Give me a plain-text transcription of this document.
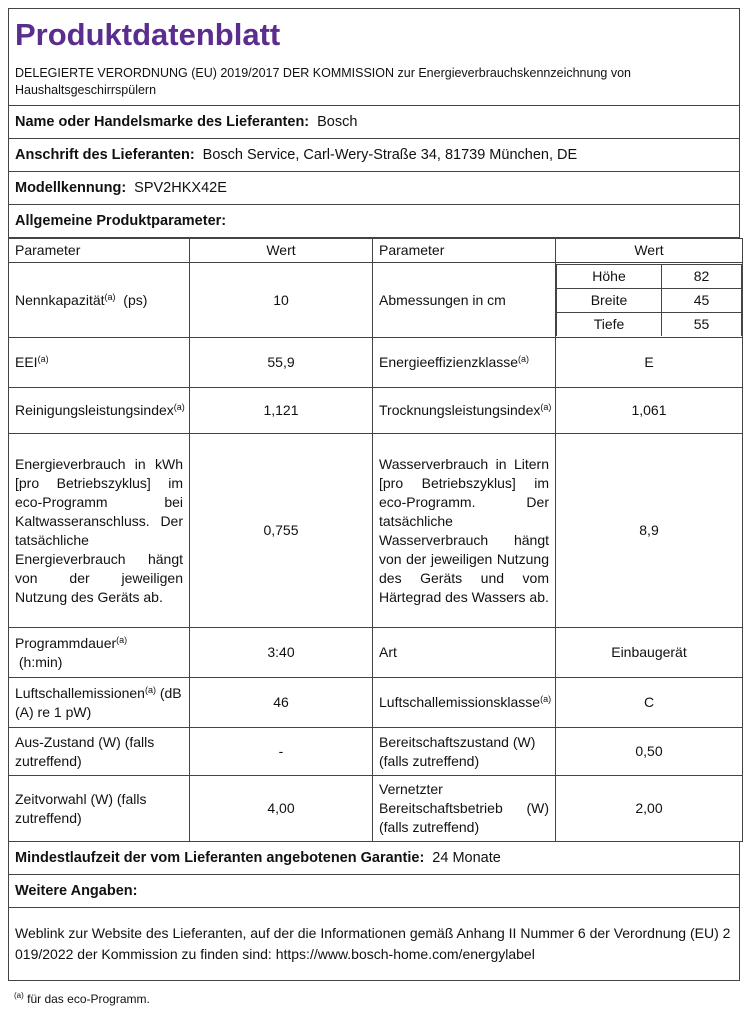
Produktdatenblatt
DELEGIERTE VERORDNUNG (EU) 2019/2017 DER KOMMISSION zur Energieverbrauchskennzeichnung von Haushaltsgeschirrspülern
Name oder Handelsmarke des Lieferanten: Bosch
Anschrift des Lieferanten: Bosch Service, Carl-Wery-Straße 34, 81739 München, DE
Modellkennung: SPV2HKX42E
Allgemeine Produktparameter:
Parameter	Wert	Parameter	Wert
Nennkapazität$^{(a)}$ (ps)	10	Abmessungen in cm	
Höhe	82
Breite	45
Tiefe	55

EEI$^{(a)}$	55,9	Energieeffizienzklasse$^{(a)}$	E
Reinigungsleistungsindex$^{(a)}$	1,121	Trocknungsleistungsindex$^{(a)}$	1,061
Energieverbrauch in kWh [pro Betriebszyklus] im eco-Programm bei Kaltwasseranschluss. Der tatsächliche Energieverbrauch hängt von der jeweiligen Nutzung des Geräts ab.	0,755	Wasserverbrauch in Litern [pro Betriebszyklus] im eco-Programm. Der tatsächliche Wasserverbrauch hängt von der jeweiligen Nutzung des Geräts und vom Härtegrad des Wassers ab.	8,9
Programmdauer$^{(a)}$
(h:min)	3:40	Art	Einbaugerät
Luftschallemissionen$^{(a)}$ (dB (A) re 1 pW)	46	Luftschallemissionsklasse$^{(a)}$	C
Aus-Zustand (W) (falls zutreffend)	-	Bereitschaftszustand (W) (falls zutreffend)	0,50
Zeitvorwahl (W) (falls zutreffend)	4,00	Vernetzter Bereitschaftsbetrieb (W) (falls zutreffend)	2,00
Mindestlaufzeit der vom Lieferanten angebotenen Garantie: 24 Monate
Weitere Angaben:
Weblink zur Website des Lieferanten, auf der die Informationen gemäß Anhang II Nummer 6 der Verordnung (EU) 2019/2022 der Kommission zu finden sind: https://www.bosch-home.com/energylabel
$^{(a)}$ für das eco-Programm.
